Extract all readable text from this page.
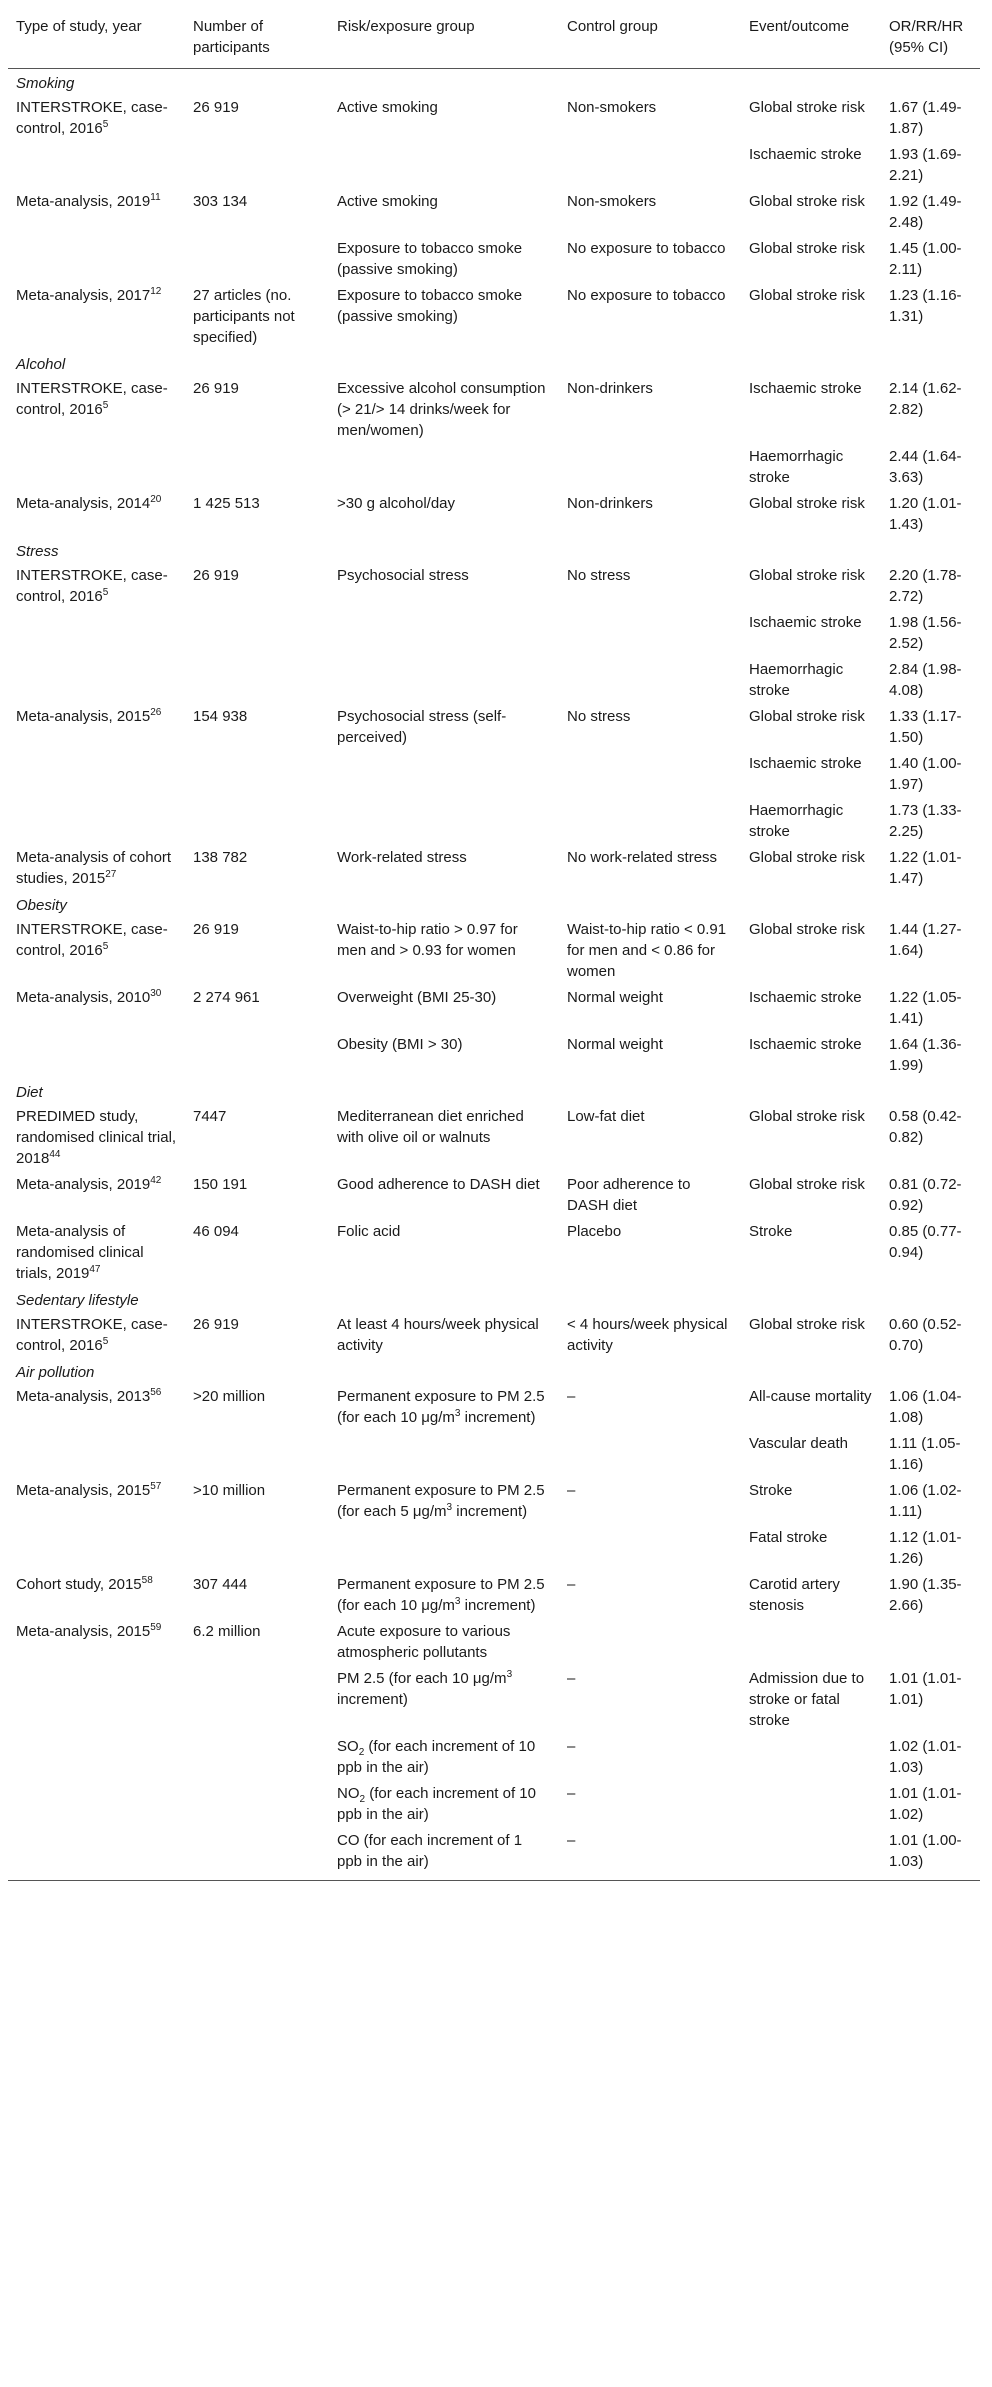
Type of study, year	Number of participants	Risk/exposure group	Control group	Event/outcome	OR/RR/HR (95% CI)
Smoking					
INTERSTROKE, case-control, 2016$^5$	26 919	Active smoking	Non-smokers	Global stroke risk	1.67 (1.49-1.87)
				Ischaemic stroke	1.93 (1.69-2.21)
Meta-analysis, 2019$^{11}$	303 134	Active smoking	Non-smokers	Global stroke risk	1.92 (1.49-2.48)
		Exposure to tobacco smoke (passive smoking)	No exposure to tobacco	Global stroke risk	1.45 (1.00-2.11)
Meta-analysis, 2017$^{12}$	27 articles (no. participants not specified)	Exposure to tobacco smoke (passive smoking)	No exposure to tobacco	Global stroke risk	1.23 (1.16-1.31)
Alcohol					
INTERSTROKE, case-control, 2016$^5$	26 919	Excessive alcohol consumption (> 21/> 14 drinks/week for men/women)	Non-drinkers	Ischaemic stroke	2.14 (1.62-2.82)
				Haemorrhagic stroke	2.44 (1.64-3.63)
Meta-analysis, 2014$^{20}$	1 425 513	>30 g alcohol/day	Non-drinkers	Global stroke risk	1.20 (1.01-1.43)
Stress					
INTERSTROKE, case-control, 2016$^5$	26 919	Psychosocial stress	No stress	Global stroke risk	2.20 (1.78-2.72)
				Ischaemic stroke	1.98 (1.56-2.52)
				Haemorrhagic stroke	2.84 (1.98-4.08)
Meta-analysis, 2015$^{26}$	154 938	Psychosocial stress (self-perceived)	No stress	Global stroke risk	1.33 (1.17-1.50)
				Ischaemic stroke	1.40 (1.00-1.97)
				Haemorrhagic stroke	1.73 (1.33-2.25)
Meta-analysis of cohort studies, 2015$^{27}$	138 782	Work-related stress	No work-related stress	Global stroke risk	1.22 (1.01-1.47)
Obesity					
INTERSTROKE, case-control, 2016$^5$	26 919	Waist-to-hip ratio > 0.97 for men and > 0.93 for women	Waist-to-hip ratio < 0.91 for men and < 0.86 for women	Global stroke risk	1.44 (1.27-1.64)
Meta-analysis, 2010$^{30}$	2 274 961	Overweight (BMI 25-30)	Normal weight	Ischaemic stroke	1.22 (1.05-1.41)
		Obesity (BMI > 30)	Normal weight	Ischaemic stroke	1.64 (1.36-1.99)
Diet					
PREDIMED study, randomised clinical trial, 2018$^{44}$	7447	Mediterranean diet enriched with olive oil or walnuts	Low-fat diet	Global stroke risk	0.58 (0.42-0.82)
Meta-analysis, 2019$^{42}$	150 191	Good adherence to DASH diet	Poor adherence to DASH diet	Global stroke risk	0.81 (0.72-0.92)
Meta-analysis of randomised clinical trials, 2019$^{47}$	46 094	Folic acid	Placebo	Stroke	0.85 (0.77-0.94)
Sedentary lifestyle					
INTERSTROKE, case-control, 2016$^5$	26 919	At least 4 hours/week physical activity	< 4 hours/week physical activity	Global stroke risk	0.60 (0.52-0.70)
Air pollution					
Meta-analysis, $2013^{56}$	>20 million	Permanent exposure to PM 2.5 (for each 10 $\mu g/m^3$ increment)	–	All-cause mortality	1.06 (1.04-1.08)
				Vascular death	1.11 (1.05-1.16)
Meta-analysis, $2015^{57}$	>10 million	Permanent exposure to PM 2.5 (for each 5 $\mu g/m^3$ increment)	–	Stroke	1.06 (1.02-1.11)
				Fatal stroke	1.12 (1.01-1.26)
Cohort study, 2015$^{58}$	307 444	Permanent exposure to PM 2.5 (for each 10 $\mu g/m^3$ increment)	–	Carotid artery stenosis	1.90 (1.35-2.66)
Meta-analysis, 2015$^{59}$	6.2 million	Acute exposure to various atmospheric pollutants			
		PM 2.5 (for each 10 $\mu g/m^3$ increment)	–	Admission due to stroke or fatal stroke	1.01 (1.01-1.01)
		$SO_2$ (for each increment of 10 ppb in the air)	–		1.02 (1.01-1.03)
		$NO_2$ (for each increment of 10 ppb in the air)	–		1.01 (1.01-1.02)
		CO (for each increment of 1 ppb in the air)	–		1.01 (1.00-1.03)
